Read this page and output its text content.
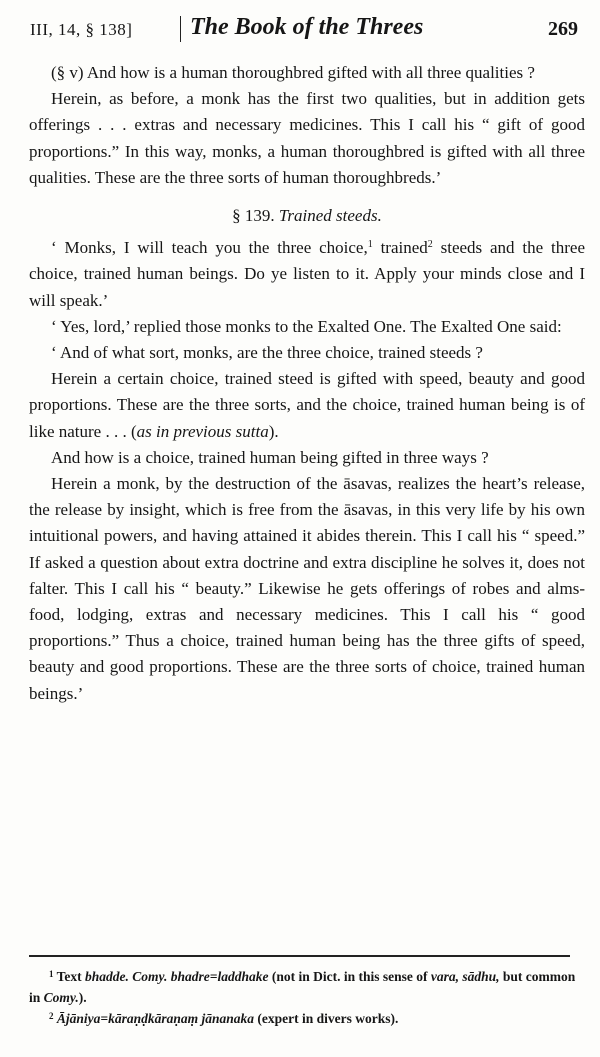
III, 14, § 138] The Book of the Threes	269

(§ v) And how is a human thoroughbred gifted with all three qualities ?

Herein, as before, a monk has the first two qualities, but in addition gets offerings . . . extras and necessary medicines. This I call his “ gift of good proportions.” In this way, monks, a human thoroughbred is gifted with all three qualities. These are the three sorts of human thoroughbreds.’

§ 139. Trained steeds.

‘ Monks, I will teach you the three choice,$^1$ trained$^2$ steeds and the three choice, trained human beings. Do ye listen to it. Apply your minds close and I will speak.’

‘ Yes, lord,’ replied those monks to the Exalted One. The Exalted One said:

‘ And of what sort, monks, are the three choice, trained steeds ?

Herein a certain choice, trained steed is gifted with speed, beauty and good proportions. These are the three sorts, and the choice, trained human being is of like nature . . . (as in previous sutta).

And how is a choice, trained human being gifted in three ways ?

Herein a monk, by the destruction of the āsavas, realizes the heart’s release, the release by insight, which is free from the āsavas, in this very life by his own intuitional powers, and having attained it abides therein. This I call his “ speed.” If asked a question about extra doctrine and extra discipline he solves it, does not falter. This I call his “ beauty.” Likewise he gets offerings of robes and alms-food, lodging, extras and necessary medicines. This I call his “ good proportions.” Thus a choice, trained human being has the three gifts of speed, beauty and good proportions. These are the three sorts of choice, trained human beings.’

$^1$ Text bhadde. Comy. bhadre=laddhake (not in Dict. in this sense of vara, sādhu, but common in Comy.).

$^2$ Ājāniya=kāraṇḍkāraṇaṃ jānanaka (expert in divers works).
